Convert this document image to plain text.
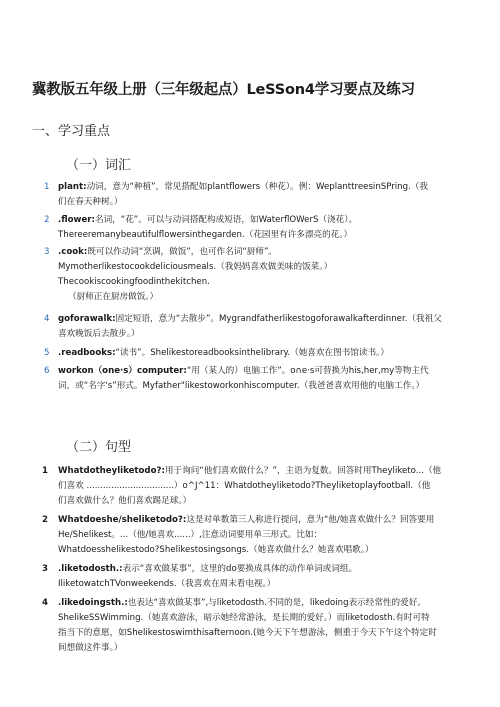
冀教版五年级上册（三年级起点）LeSSon4学习要点及练习
一、学习重点
（一）词汇
1 plant:动词，意为“种植”，常见搭配如plantflowers（种花）。例：WeplanttreesinSPring.（我
们在春天种树。）
2 .flower:名词，“花”。可以与动词搭配构成短语，如WaterflOWerS（浇花）。
Thereeremanybeautifulflowersinthegarden.（花园里有许多漂亮的花。）
3 .cook:既可以作动词“烹调，做饭”，也可作名词“厨师”。
Mymotherlikestocookdeliciousmeals.（我妈妈喜欢做美味的饭菜。）
Thecookiscookingfoodinthekitchen.
（厨师正在厨房做饭。）
4 goforawalk:固定短语，意为“去散步”。Mygrandfatherlikestogoforawalkafterdinner.（我祖父
喜欢晚饭后去散步。）
5 .readbooks:“读书”。Shelikestoreadbooksinthelibrary.（她喜欢在图书馆读书。）
6 workon（one·s）computer:“用（某人的）电脑工作”。o∩e·s可替换为his,her,my等物主代
词，或“名字's”形式。Myfather"likestoworkonhiscomputer.（我爸爸喜欢用他的电脑工作。）
（二）句型
1 Whatdotheyliketodo?:用于询问“他们喜欢做什么？”，主语为复数。回答时用Theyliketo...（他
们喜欢 ................................）o^J^11：Whatdotheyliketodo?Theyliketoplayfootball.（他
们喜欢做什么？他们喜欢踢足球。）
2 Whatdoeshe/sheliketodo?:这是对单数第三人称进行提问，意为“他/她喜欢做什么？回答要用
He/Shelikest。...（他/她喜欢......）,注意动词要用单三形式。比如：
Whatdoesshelikestodo?Shelikestosingsongs.（她喜欢做什么？她喜欢唱歌。）
3 .liketodosth.:表示“喜欢做某事”，这里的do要换成具体的动作单词或词组。
IliketowatchTVonweekends.（我喜欢在周末看电视。）
4 .likedoingsth.:也表达“喜欢做某事”,与liketodosth.不同的是，likedoing表示经常性的爱好。
ShelikeSSWimming.（她喜欢游泳，暗示她经常游泳，是长期的爱好。）而liketodosth.有时可特
指当下的意愿，如Shelikestoswimthisafternoon.(她今天下午想游泳，侧重于今天下午这个特定时
间想做这件事。）
